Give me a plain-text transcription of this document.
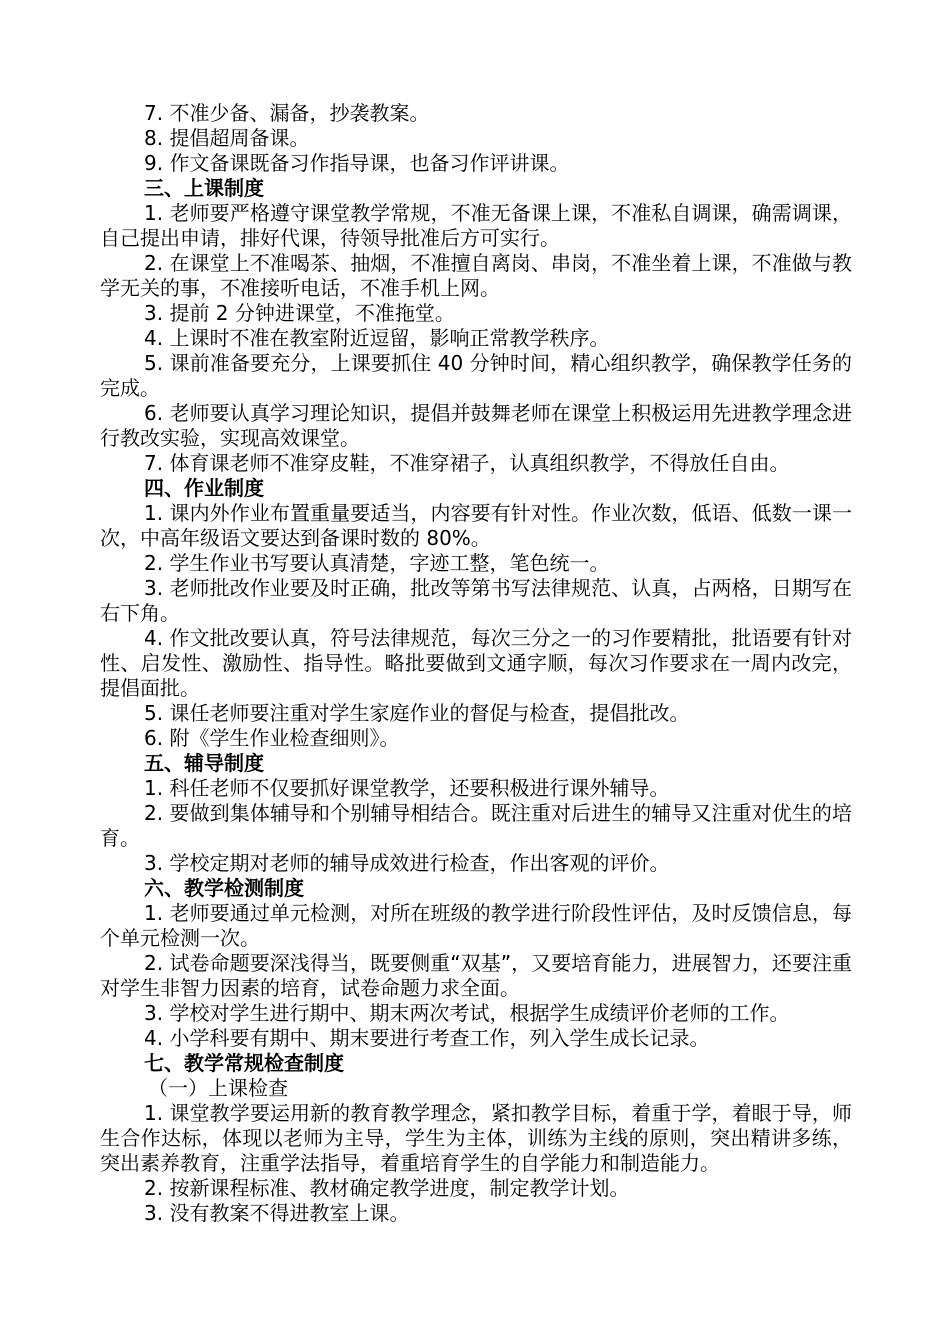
7. 不准少备、漏备，抄袭教案。

8. 提倡超周备课。

9. 作文备课既备习作指导课，也备习作评讲课。

三、上课制度

1. 老师要严格遵守课堂教学常规，不准无备课上课，不准私自调课，确需调课，自己提出申请，排好代课，待领导批准后方可实行。

2. 在课堂上不准喝茶、抽烟，不准擅自离岗、串岗，不准坐着上课，不准做与教学无关的事，不准接听电话，不准手机上网。

3. 提前 2 分钟进课堂，不准拖堂。

4. 上课时不准在教室附近逗留，影响正常教学秩序。

5. 课前准备要充分，上课要抓住 40 分钟时间，精心组织教学，确保教学任务的完成。

6. 老师要认真学习理论知识，提倡并鼓舞老师在课堂上积极运用先进教学理念进行教改实验，实现高效课堂。

7. 体育课老师不准穿皮鞋，不准穿裙子，认真组织教学，不得放任自由。

四、作业制度

1. 课内外作业布置重量要适当，内容要有针对性。作业次数，低语、低数一课一次，中高年级语文要达到备课时数的 80%。

2. 学生作业书写要认真清楚，字迹工整，笔色统一。

3. 老师批改作业要及时正确，批改等第书写法律规范、认真，占两格，日期写在右下角。

4. 作文批改要认真，符号法律规范，每次三分之一的习作要精批，批语要有针对性、启发性、激励性、指导性。略批要做到文通字顺，每次习作要求在一周内改完，提倡面批。

5. 课任老师要注重对学生家庭作业的督促与检查，提倡批改。

6. 附《学生作业检查细则》。

五、辅导制度

1. 科任老师不仅要抓好课堂教学，还要积极进行课外辅导。

2. 要做到集体辅导和个别辅导相结合。既注重对后进生的辅导又注重对优生的培育。

3. 学校定期对老师的辅导成效进行检查，作出客观的评价。

六、教学检测制度

1. 老师要通过单元检测，对所在班级的教学进行阶段性评估，及时反馈信息，每个单元检测一次。

2. 试卷命题要深浅得当，既要侧重“双基”，又要培育能力，进展智力，还要注重对学生非智力因素的培育，试卷命题力求全面。

3. 学校对学生进行期中、期末两次考试，根据学生成绩评价老师的工作。

4. 小学科要有期中、期末要进行考查工作，列入学生成长记录。

七、教学常规检查制度

（一）上课检查

1. 课堂教学要运用新的教育教学理念，紧扣教学目标，着重于学，着眼于导，师生合作达标，体现以老师为主导，学生为主体，训练为主线的原则，突出精讲多练，突出素养教育，注重学法指导，着重培育学生的自学能力和制造能力。

2. 按新课程标准、教材确定教学进度，制定教学计划。

3. 没有教案不得进教室上课。
